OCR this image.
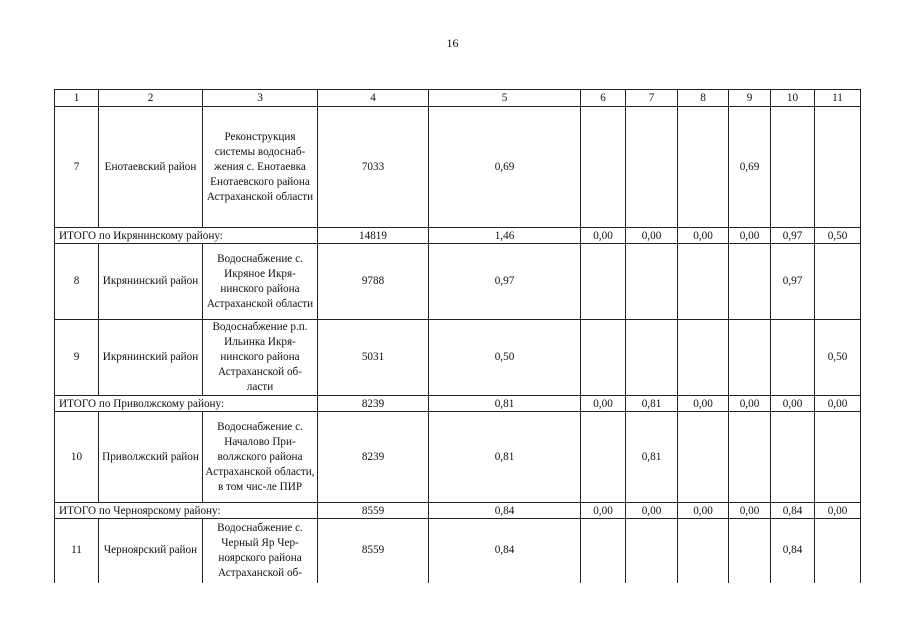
16
1	2	3	4	5	6	7	8	9	10	11
7	Енотаевский район	Реконструкция системы водоснаб-жения с. Енотаевка Енотаевского района Астраханской области	7033	0,69				0,69		
ИТОГО по Икрянинскому району:			14819	1,46	0,00	0,00	0,00	0,00	0,97	0,50
8	Икрянинский район	Водоснабжение с. Икряное Икря-нинского района Астраханской области	9788	0,97					0,97	
9	Икрянинский район	Водоснабжение р.п. Ильинка Икря-нинского района Астраханской об-ласти	5031	0,50						0,50
ИТОГО по Приволжскому району:			8239	0,81	0,00	0,81	0,00	0,00	0,00	0,00
10	Приволжский район	Водоснабжение с. Началово При-волжского района Астраханской области, в том чис-ле ПИР	8239	0,81		0,81				
ИТОГО по Черноярскому району:			8559	0,84	0,00	0,00	0,00	0,00	0,84	0,00
11	Черноярский район	Водоснабжение с. Черный Яр Чер-ноярского района Астраханской об-	8559	0,84					0,84	
